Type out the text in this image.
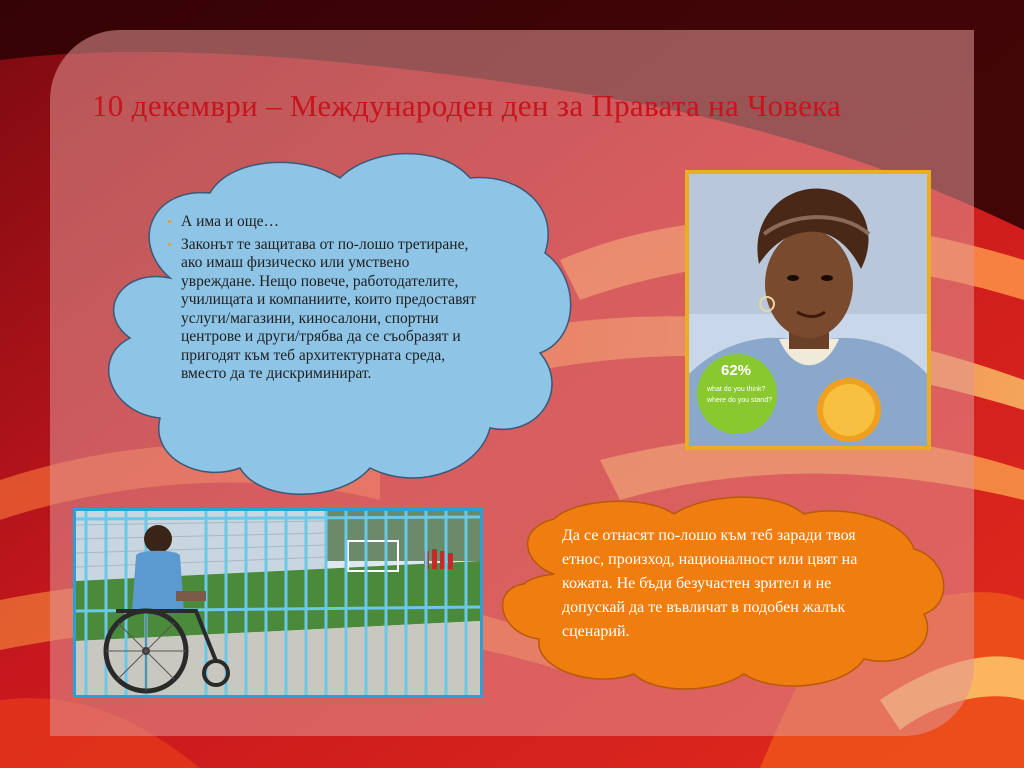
10 декември – Международен ден за Правата на Човека
• А има и още…
• Законът те защитава от по-лошо третиране, ако имаш физическо или умствено увреждане. Нещо повече, работодателите, училищата и компаниите, които предоставят услуги/магазини, киносалони, спортни центрове и други/трябва да се съобразят и пригодят към теб архитектурната среда, вместо да те дискриминират.	62%
what do you think?
where do you stand?
Да се отнасят по-лошо към теб заради твоя етнос, произход, националност или цвят на кожата. Не бъди безучастен зрител и не допускай да те въвличат в подобен жалък сценарий.
